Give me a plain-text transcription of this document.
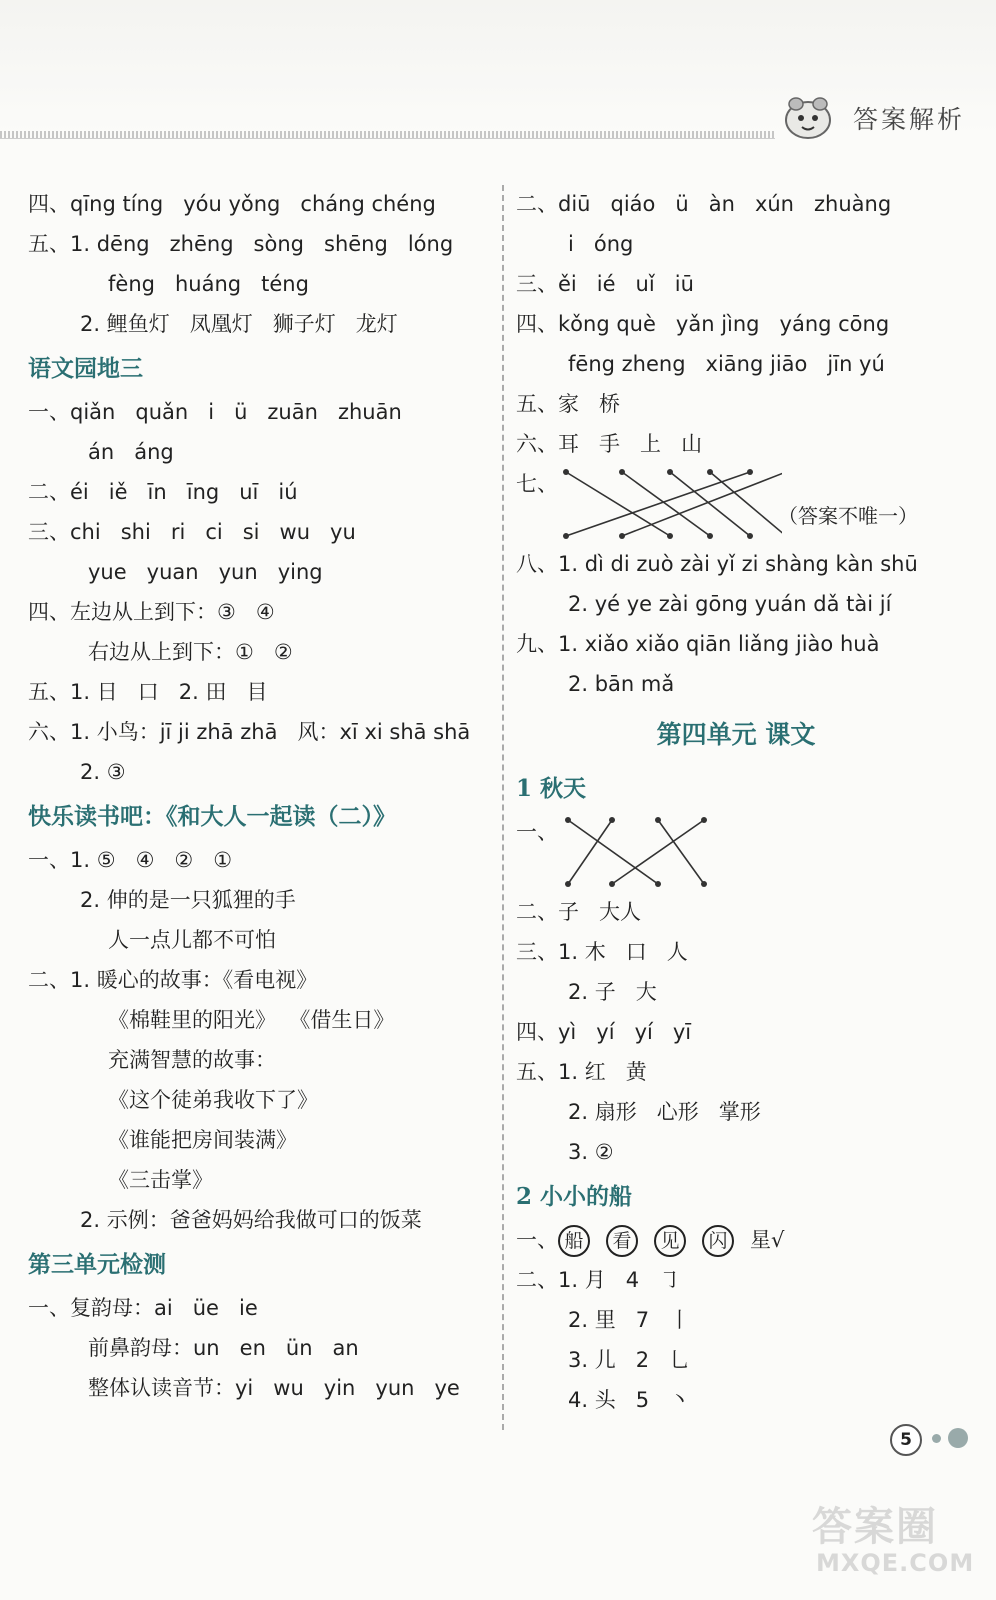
答案解析
四、qīng tíng   yóu yǒng   cháng chéng
五、1. dēng   zhēng   sòng   shēng   lóng
fèng   huáng   téng
2. 鲤鱼灯   凤凰灯   狮子灯   龙灯
语文园地三
一、qiǎn   quǎn   i   ü   zuān   zhuān
án   áng
二、éi   iě   īn   īng   uī   iú
三、chi   shi   ri   ci   si   wu   yu
yue   yuan   yun   ying
四、左边从上到下：③   ④
右边从上到下：①   ②
五、1. 日   口   2. 田   目
六、1. 小鸟：jī ji zhā zhā   风：xī xi shā shā
2. ③
快乐读书吧：《和大人一起读（二）》
一、1. ⑤   ④   ②   ①
2. 伸的是一只狐狸的手
人一点儿都不可怕
二、1. 暖心的故事：《看电视》
《棉鞋里的阳光》  《借生日》
充满智慧的故事：
《这个徒弟我收下了》
《谁能把房间装满》
《三击掌》
2. 示例：爸爸妈妈给我做可口的饭菜
第三单元检测
一、复韵母：ai   üe   ie
前鼻韵母：un   en   ün   an
整体认读音节：yi   wu   yin   yun   ye
二、diū   qiáo   ü   àn   xún   zhuàng
i   óng
三、ěi   ié   uǐ   iū
四、kǒng què   yǎn jìng   yáng cōng
fēng zheng   xiāng jiāo   jīn yú
五、家   桥
六、耳   手   上   山
七、
（答案不唯一）
八、1. dì di zuò zài yǐ zi shàng kàn shū
2. yé ye zài gōng yuán dǎ tài jí
九、1. xiǎo xiǎo qiān liǎng jiào huà
2. bān mǎ
第四单元 课文
1 秋天
一、
二、子   大人
三、1. 木   口   人
2. 子   大
四、yì   yí   yí   yī
五、1. 红   黄
2. 扇形   心形   掌形
3. ②
2 小小的船
一、 船 看 见 闪 星√
二、1. 月   4   ㇆
2. 里   7   丨
3. 儿   2   乚
4. 头   5   丶
5
答案圈
MXQE.COM
